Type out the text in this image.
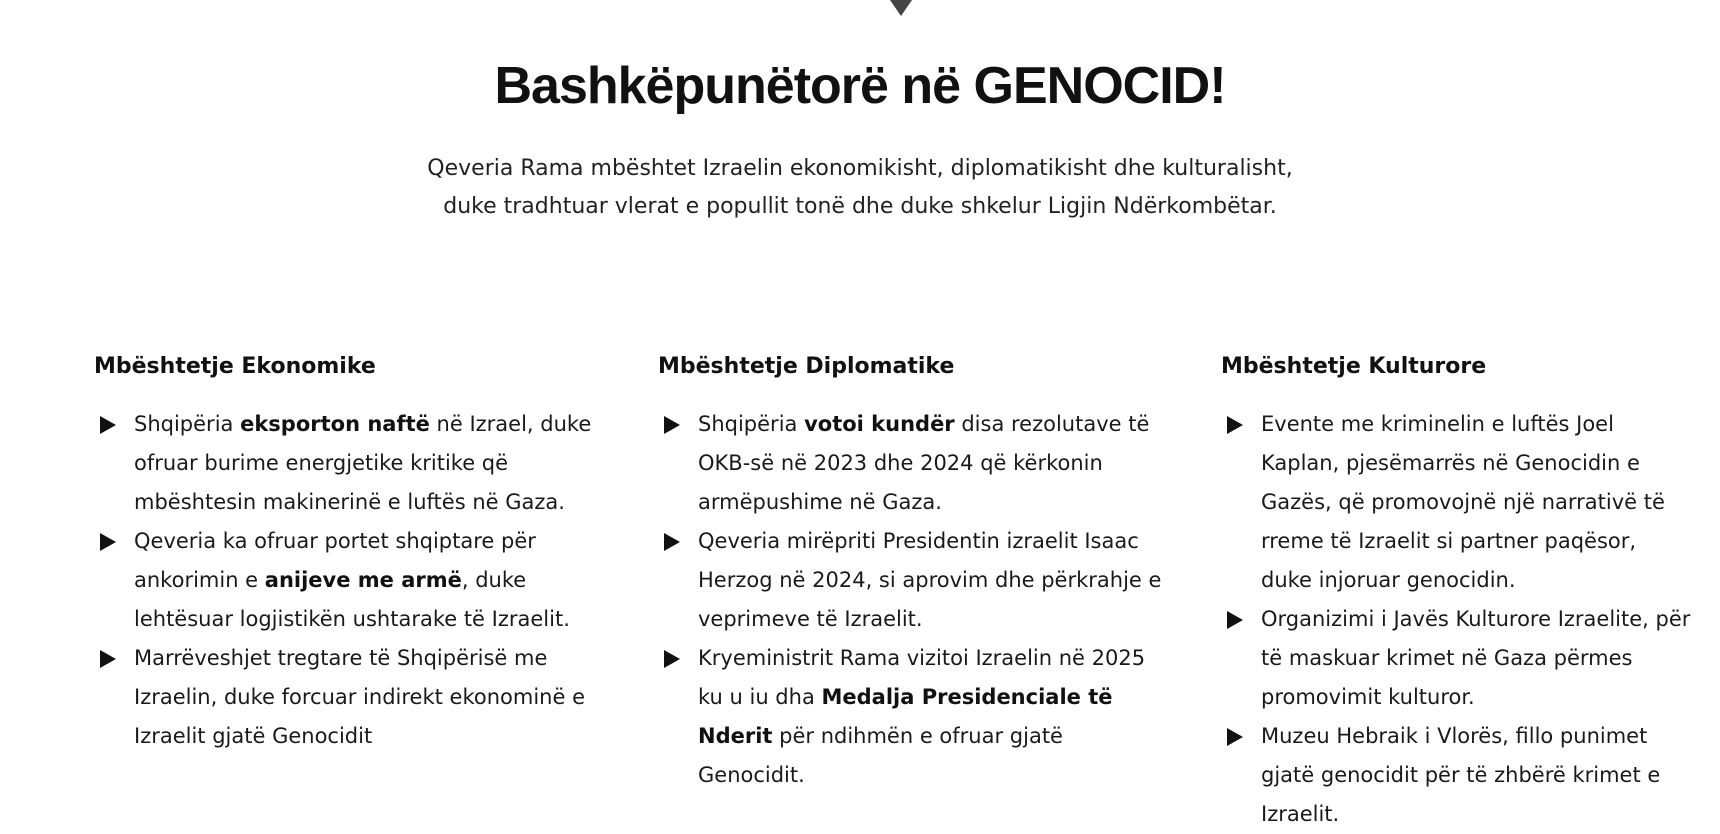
Bashkëpunëtorë në GENOCID!

Qeveria Rama mbështet Izraelin ekonomikisht, diplomatikisht dhe kulturalisht, duke tradhtuar vlerat e popullit tonë dhe duke shkelur Ligjin Ndërkombëtar.

Mbështetje Ekonomike
Shqipëria eksporton naftë në Izrael, duke ofruar burime energjetike kritike që mbështesin makinerinë e luftës në Gaza.
Qeveria ka ofruar portet shqiptare për ankorimin e anijeve me armë, duke lehtësuar logjistikën ushtarake të Izraelit.
Marrëveshjet tregtare të Shqipërisë me Izraelin, duke forcuar indirekt ekonominë e Izraelit gjatë Genocidit
Mbështetje Diplomatike
Shqipëria votoi kundër disa rezolutave të OKB-së në 2023 dhe 2024 që kërkonin armëpushime në Gaza.
Qeveria mirëpriti Presidentin izraelit Isaac Herzog në 2024, si aprovim dhe përkrahje e veprimeve të Izraelit.
Kryeministrit Rama vizitoi Izraelin në 2025 ku u iu dha Medalja Presidenciale të Nderit për ndihmën e ofruar gjatë Genocidit.
Mbështetje Kulturore
Evente me kriminelin e luftës Joel Kaplan, pjesëmarrës në Genocidin e Gazës, që promovojnë një narrativë të rreme të Izraelit si partner paqësor, duke injoruar genocidin.
Organizimi i Javës Kulturore Izraelite, për të maskuar krimet në Gaza përmes promovimit kulturor.
Muzeu Hebraik i Vlorës, fillo punimet gjatë genocidit për të zhbërë krimet e Izraelit.
